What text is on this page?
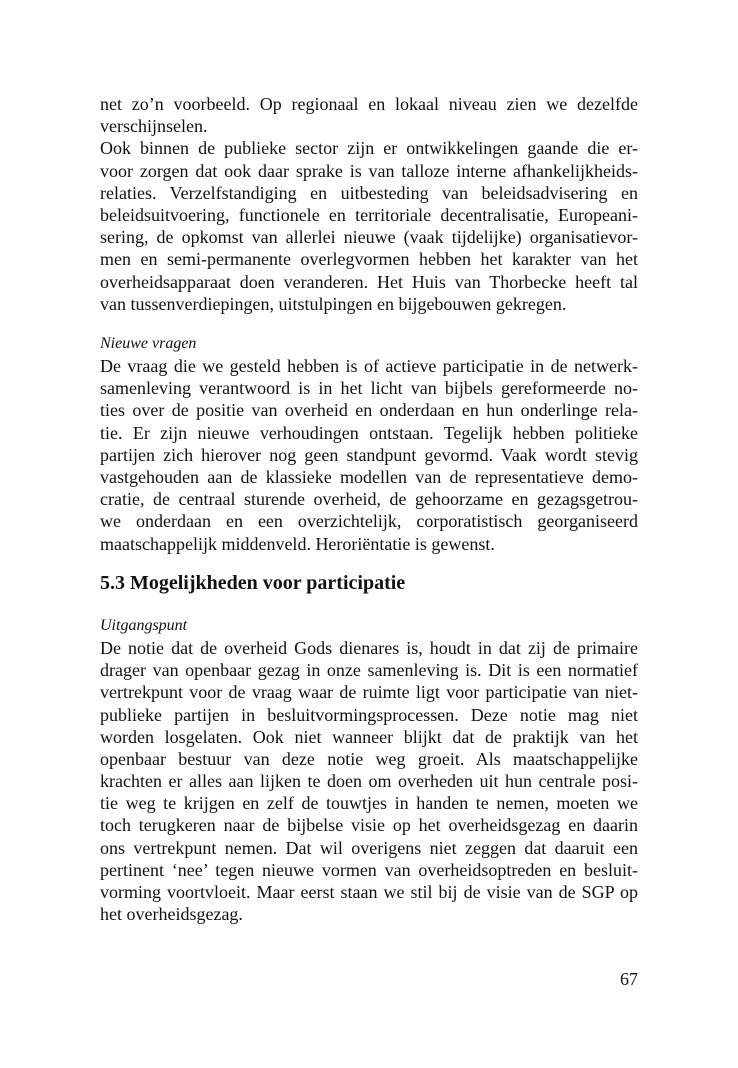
net zo’n voorbeeld. Op regionaal en lokaal niveau zien we dezelfde
verschijnselen.
Ook binnen de publieke sector zijn er ontwikkelingen gaande die er-
voor zorgen dat ook daar sprake is van talloze interne afhankelijkheids-
relaties. Verzelfstandiging en uitbesteding van beleidsadvisering en
beleidsuitvoering, functionele en territoriale decentralisatie, Europeani-
sering, de opkomst van allerlei nieuwe (vaak tijdelijke) organisatievor-
men en semi-permanente overlegvormen hebben het karakter van het
overheidsapparaat doen veranderen. Het Huis van Thorbecke heeft tal
van tussenverdiepingen, uitstulpingen en bijgebouwen gekregen.
Nieuwe vragen
De vraag die we gesteld hebben is of actieve participatie in de netwerk-
samenleving verantwoord is in het licht van bijbels gereformeerde no-
ties over de positie van overheid en onderdaan en hun onderlinge rela-
tie. Er zijn nieuwe verhoudingen ontstaan. Tegelijk hebben politieke
partijen zich hierover nog geen standpunt gevormd. Vaak wordt stevig
vastgehouden aan de klassieke modellen van de representatieve demo-
cratie, de centraal sturende overheid, de gehoorzame en gezagsgetrou-
we onderdaan en een overzichtelijk, corporatistisch georganiseerd
maatschappelijk middenveld. Heroriëntatie is gewenst.
5.3 Mogelijkheden voor participatie
Uitgangspunt
De notie dat de overheid Gods dienares is, houdt in dat zij de primaire
drager van openbaar gezag in onze samenleving is. Dit is een normatief
vertrekpunt voor de vraag waar de ruimte ligt voor participatie van niet-
publieke partijen in besluitvormingsprocessen. Deze notie mag niet
worden losgelaten. Ook niet wanneer blijkt dat de praktijk van het
openbaar bestuur van deze notie weg groeit. Als maatschappelijke
krachten er alles aan lijken te doen om overheden uit hun centrale posi-
tie weg te krijgen en zelf de touwtjes in handen te nemen, moeten we
toch terugkeren naar de bijbelse visie op het overheidsgezag en daarin
ons vertrekpunt nemen. Dat wil overigens niet zeggen dat daaruit een
pertinent ‘nee’ tegen nieuwe vormen van overheidsoptreden en besluit-
vorming voortvloeit. Maar eerst staan we stil bij de visie van de SGP op
het overheidsgezag.
67
